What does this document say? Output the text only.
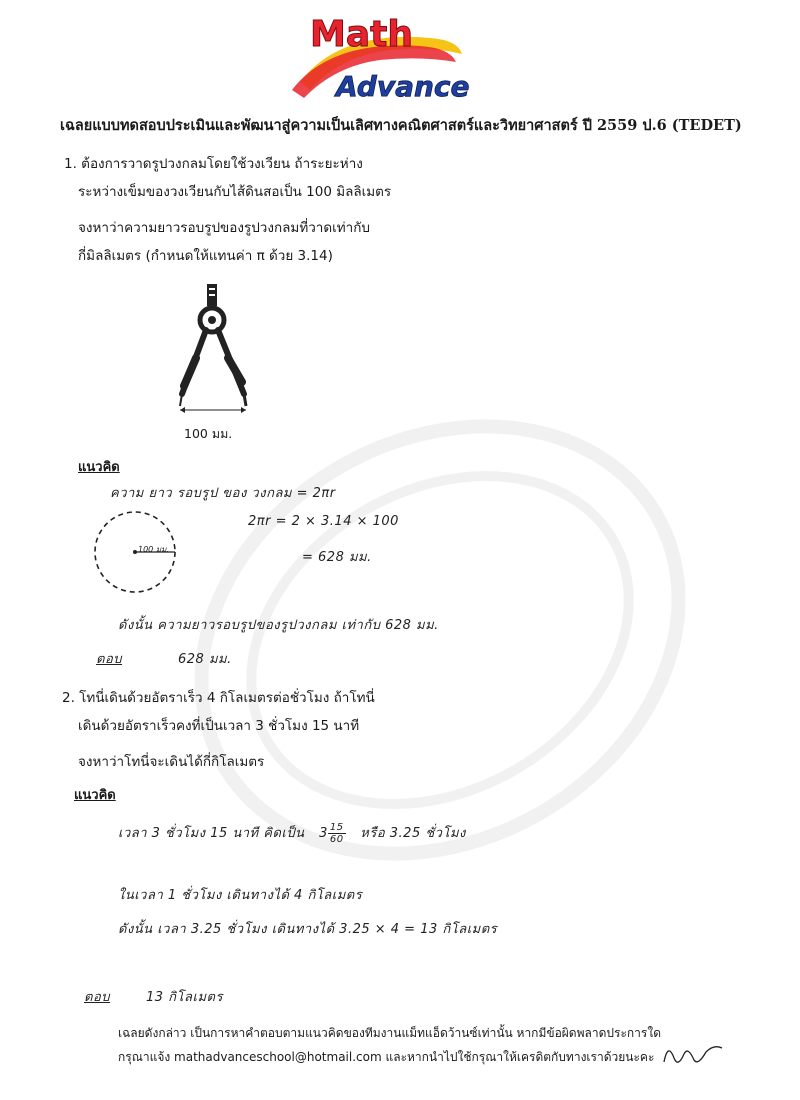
Math
Advance
เฉลยแบบทดสอบประเมินและพัฒนาสู่ความเป็นเลิศทางคณิตศาสตร์และวิทยาศาสตร์ ปี 2559 ป.6 (TEDET)
1. ต้องการวาดรูปวงกลมโดยใช้วงเวียน ถ้าระยะห่าง
ระหว่างเข็มของวงเวียนกับไส้ดินสอเป็น 100 มิลลิเมตร
จงหาว่าความยาวรอบรูปของรูปวงกลมที่วาดเท่ากับ
กี่มิลลิเมตร (กำหนดให้แทนค่า π ด้วย 3.14)
100 มม.
แนวคิด
ความ ยาว รอบรูป ของ วงกลม = 2πr
100 มม.
2πr = 2 × 3.14 × 100
= 628 มม.
ดังนั้น ความยาวรอบรูปของรูปวงกลม เท่ากับ 628 มม.
ตอบ	628 มม.
2. โทนี่เดินด้วยอัตราเร็ว 4 กิโลเมตรต่อชั่วโมง ถ้าโทนี่
เดินด้วยอัตราเร็วคงที่เป็นเวลา 3 ชั่วโมง 15 นาที
จงหาว่าโทนี่จะเดินได้กี่กิโลเมตร
แนวคิด
เวลา 3 ชั่วโมง 15 นาที คิดเป็น $3 \frac{15}{60}$ หรือ 3.25 ชั่วโมง
ในเวลา 1 ชั่วโมง เดินทางได้ 4 กิโลเมตร
ดังนั้น เวลา 3.25 ชั่วโมง เดินทางได้ 3.25 × 4 = 13 กิโลเมตร
ตอบ	13 กิโลเมตร
เฉลยดังกล่าว เป็นการหาคำตอบตามแนวคิดของทีมงานแม็ทแอ็ดว้านซ์เท่านั้น หากมีข้อผิดพลาดประการใด
กรุณาแจ้ง mathadvanceschool@hotmail.com และหากนำไปใช้กรุณาให้เครดิตกับทางเราด้วยนะคะ
